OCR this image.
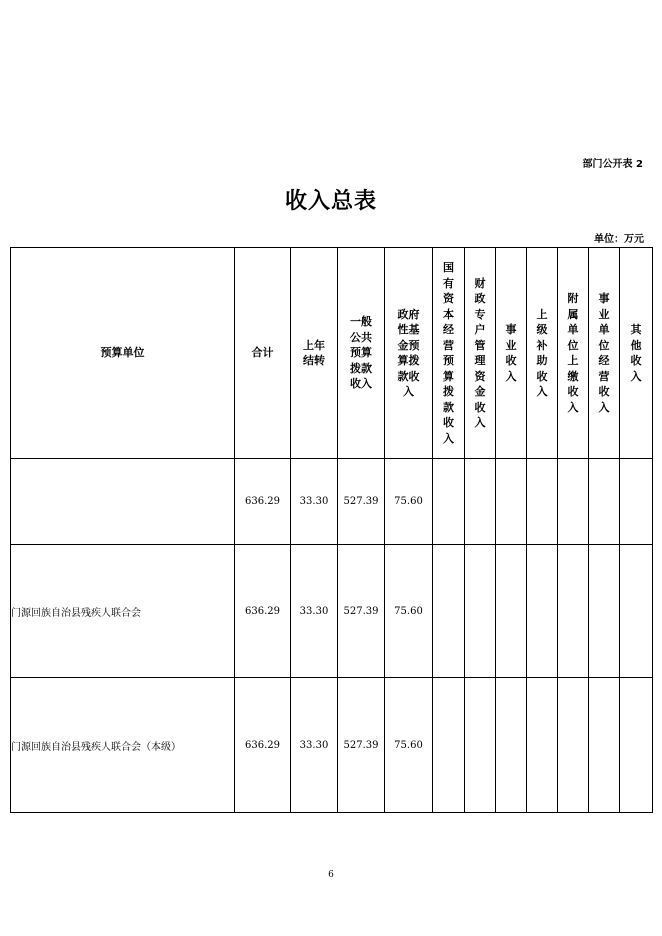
部门公开表 2
收入总表
单位：万元
预算单位	合计	上年结转	一般公共预算拨款收入	政府性基金预算拨款收入	国有资本经营预算拨款收入	财政专户管理资金收入	事业收入	上级补助收入	附属单位上缴收入	事业单位经营收入	其他收入
	636.29	33.30	527.39	75.60							
门源回族自治县残疾人联合会	636.29	33.30	527.39	75.60							
门源回族自治县残疾人联合会（本级）	636.29	33.30	527.39	75.60							
6
